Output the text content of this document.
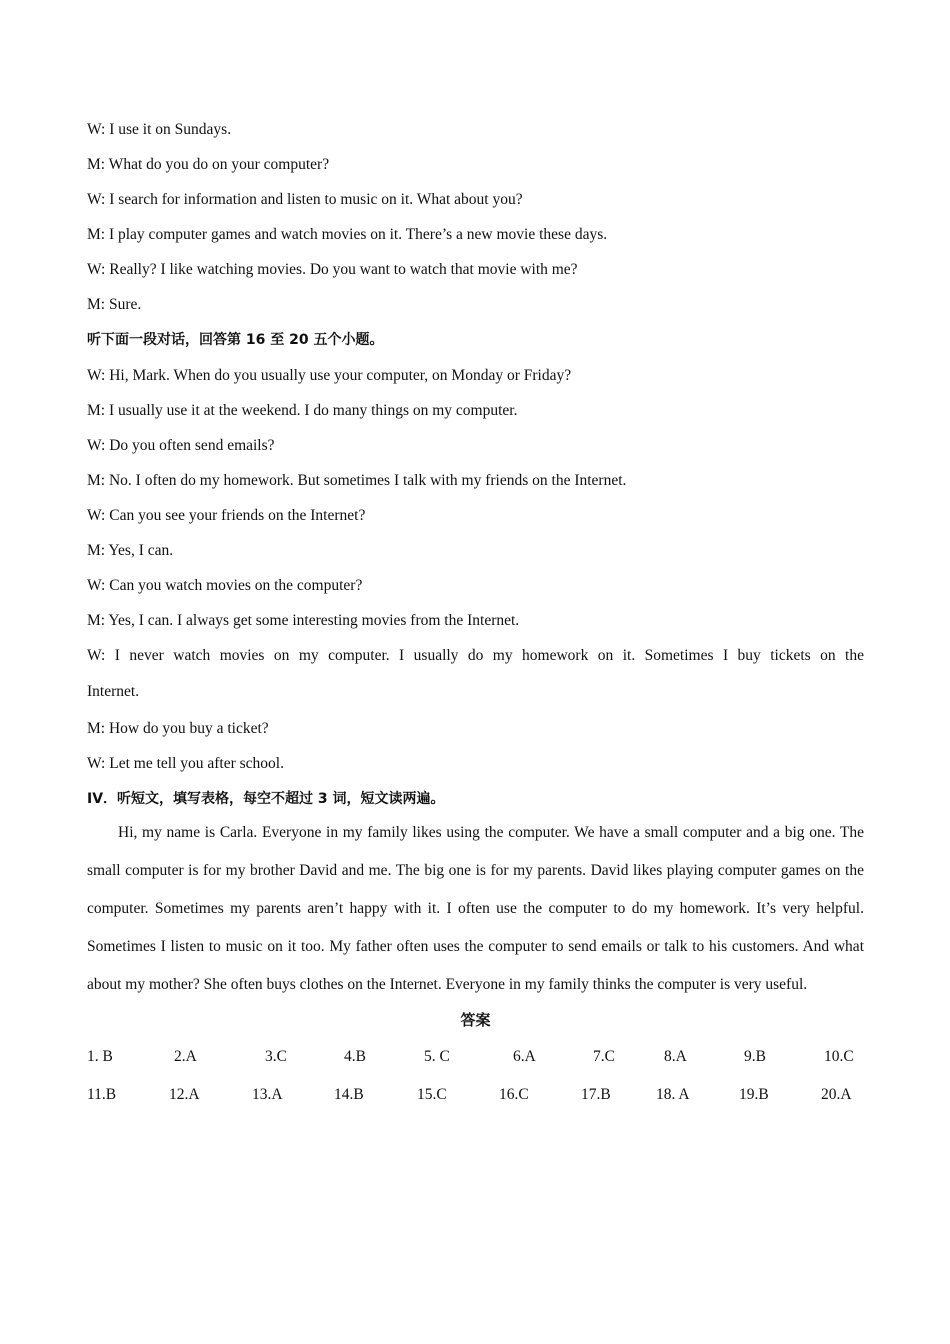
W: I use it on Sundays.
M: What do you do on your computer?
W: I search for information and listen to music on it. What about you?
M: I play computer games and watch movies on it. There’s a new movie these days.
W: Really? I like watching movies. Do you want to watch that movie with me?
M: Sure.
听下面一段对话，回答第 16 至 20 五个小题。
W: Hi, Mark. When do you usually use your computer, on Monday or Friday?
M: I usually use it at the weekend. I do many things on my computer.
W: Do you often send emails?
M: No. I often do my homework. But sometimes I talk with my friends on the Internet.
W: Can you see your friends on the Internet?
M: Yes, I can.
W: Can you watch movies on the computer?
M: Yes, I can. I always get some interesting movies from the Internet.
W: I never watch movies on my computer. I usually do my homework on it. Sometimes I buy tickets on the
Internet.
M: How do you buy a ticket?
W: Let me tell you after school.
IV．听短文，填写表格，每空不超过 3 词，短文读两遍。
Hi, my name is Carla. Everyone in my family likes using the computer. We have a small computer and a big one. The small computer is for my brother David and me. The big one is for my parents. David likes playing computer games on the computer. Sometimes my parents aren’t happy with it. I often use the computer to do my homework. It’s very helpful. Sometimes I listen to music on it too. My father often uses the computer to send emails or talk to his customers. And what about my mother? She often buys clothes on the Internet. Everyone in my family thinks the computer is very useful.
答案
1. B	2.A	3.C	4.B	5. C	6.A	7.C	8.A	9.B	10.C
11.B	12.A	13.A	14.B	15.C	16.C	17.B	18. A	19.B	20.A
